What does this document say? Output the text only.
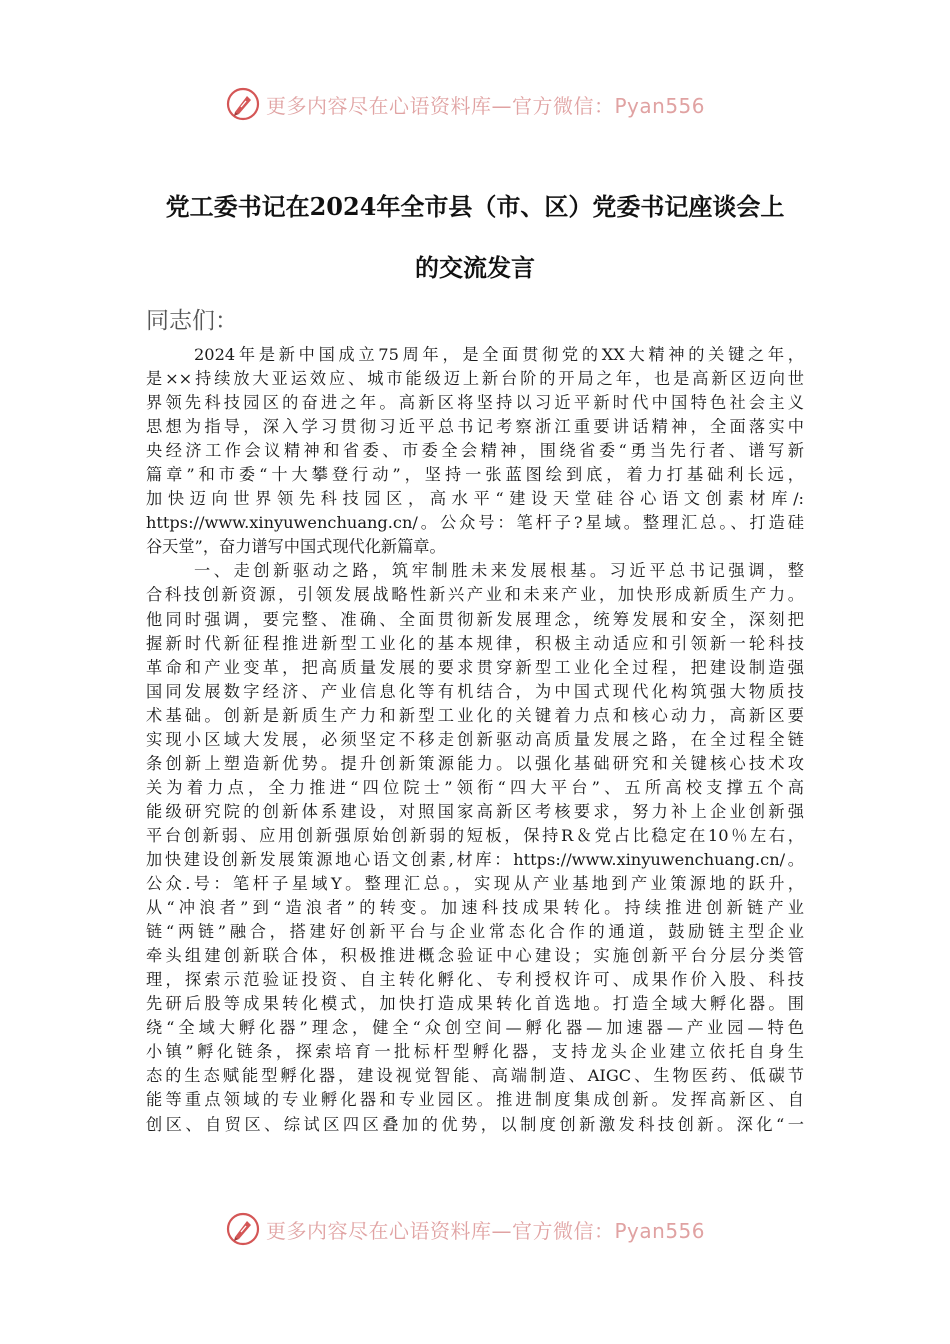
更多内容尽在心语资料库—官方微信：Pyan556
党工委书记在2024年全市县（市、区）党委书记座谈会上
的交流发言
同志们：
2024年是新中国成立75周年，是全面贯彻党的XX大精神的关键之年，
是××持续放大亚运效应、城市能级迈上新台阶的开局之年，也是高新区迈向世
界领先科技园区的奋进之年。高新区将坚持以习近平新时代中国特色社会主义
思想为指导，深入学习贯彻习近平总书记考察浙江重要讲话精神，全面落实中
央经济工作会议精神和省委、市委全会精神，围绕省委“勇当先行者、谱写新
篇章”和市委“十大攀登行动”，坚持一张蓝图绘到底，着力打基础利长远，
加快迈向世界领先科技园区，高水平“建设天堂硅谷心语文创素材库/:
https://www.xinyuwenchuang.cn/。公众号：笔杆子?星域。整理汇总。、打造硅
谷天堂”，奋力谱写中国式现代化新篇章。
一、走创新驱动之路，筑牢制胜未来发展根基。习近平总书记强调，整
合科技创新资源，引领发展战略性新兴产业和未来产业，加快形成新质生产力。
他同时强调，要完整、准确、全面贯彻新发展理念，统筹发展和安全，深刻把
握新时代新征程推进新型工业化的基本规律，积极主动适应和引领新一轮科技
革命和产业变革，把高质量发展的要求贯穿新型工业化全过程，把建设制造强
国同发展数字经济、产业信息化等有机结合，为中国式现代化构筑强大物质技
术基础。创新是新质生产力和新型工业化的关键着力点和核心动力，高新区要
实现小区域大发展，必须坚定不移走创新驱动高质量发展之路，在全过程全链
条创新上塑造新优势。提升创新策源能力。以强化基础研究和关键核心技术攻
关为着力点，全力推进“四位院士”领衔“四大平台”、五所高校支撑五个高
能级研究院的创新体系建设，对照国家高新区考核要求，努力补上企业创新强
平台创新弱、应用创新强原始创新弱的短板，保持R＆党占比稳定在10％左右，
加快建设创新发展策源地心语文创素,材库：https://www.xinyuwenchuang.cn/。
公众.号：笔杆子星域Y。整理汇总。，实现从产业基地到产业策源地的跃升，
从“冲浪者”到“造浪者”的转变。加速科技成果转化。持续推进创新链产业
链“两链”融合，搭建好创新平台与企业常态化合作的通道，鼓励链主型企业
牵头组建创新联合体，积极推进概念验证中心建设；实施创新平台分层分类管
理，探索示范验证投资、自主转化孵化、专利授权许可、成果作价入股、科技
先研后股等成果转化模式，加快打造成果转化首选地。打造全域大孵化器。围
绕“全域大孵化器”理念，健全“众创空间—孵化器—加速器—产业园—特色
小镇”孵化链条，探索培育一批标杆型孵化器，支持龙头企业建立依托自身生
态的生态赋能型孵化器，建设视觉智能、高端制造、AIGC、生物医药、低碳节
能等重点领域的专业孵化器和专业园区。推进制度集成创新。发挥高新区、自
创区、自贸区、综试区四区叠加的优势，以制度创新激发科技创新。深化“一
更多内容尽在心语资料库—官方微信：Pyan556
